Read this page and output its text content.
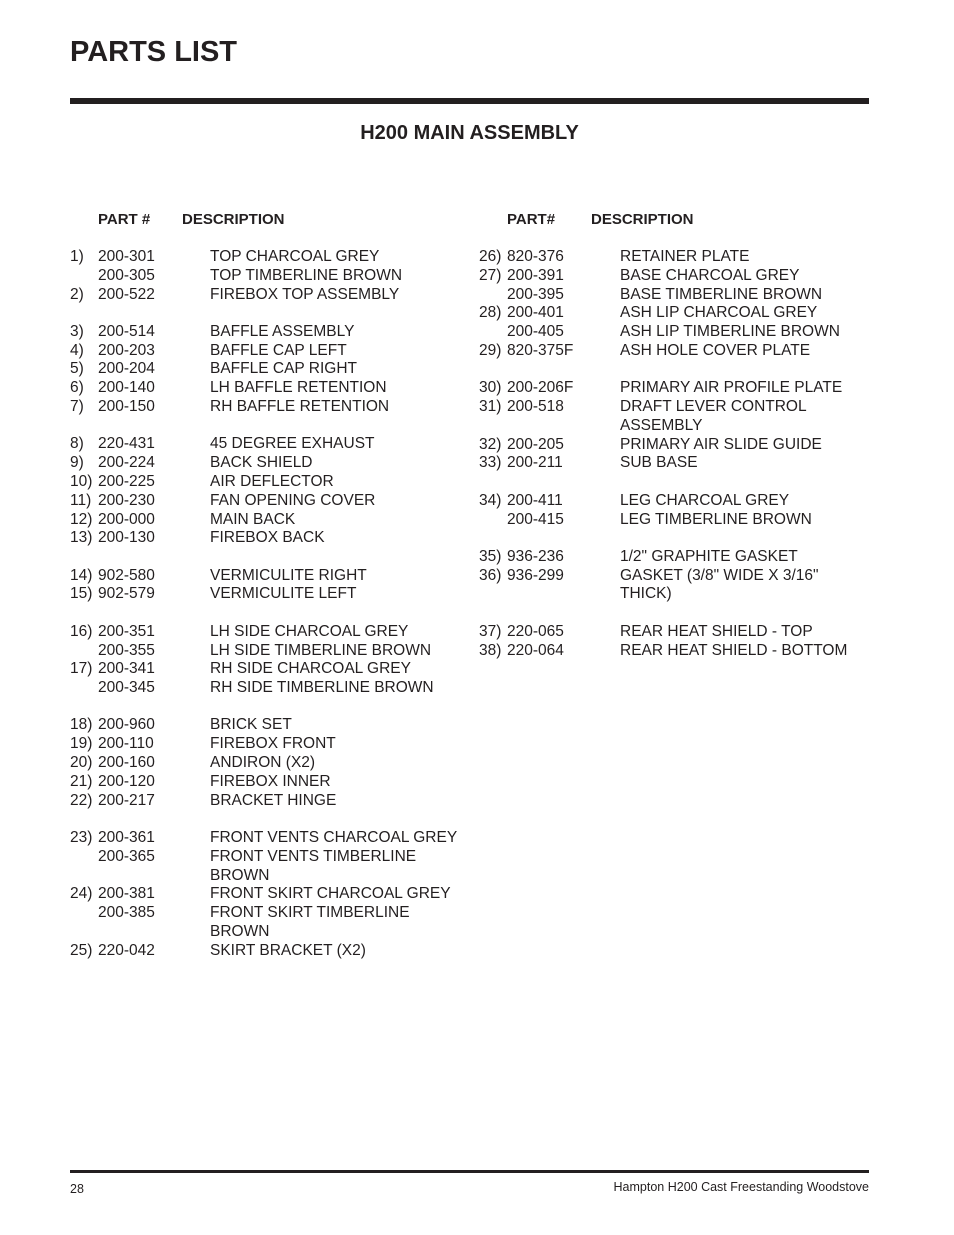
PARTS LIST
H200 MAIN ASSEMBLY
PART # DESCRIPTION	PART# DESCRIPTION
1) 200-301	TOP CHARCOAL GREY
200-305	TOP TIMBERLINE BROWN
2) 200-522	FIREBOX TOP ASSEMBLY
3) 200-514	BAFFLE ASSEMBLY
4) 200-203	BAFFLE CAP LEFT
5) 200-204	BAFFLE CAP RIGHT
6) 200-140	LH BAFFLE RETENTION
7) 200-150	RH BAFFLE RETENTION
8) 220-431	45 DEGREE EXHAUST
9) 200-224	BACK SHIELD
10) 200-225	AIR DEFLECTOR
11) 200-230	FAN OPENING COVER
12) 200-000	MAIN BACK
13) 200-130	FIREBOX BACK
14) 902-580	VERMICULITE RIGHT
15) 902-579	VERMICULITE LEFT
16) 200-351	LH SIDE CHARCOAL GREY
200-355	LH SIDE TIMBERLINE BROWN
17) 200-341	RH SIDE CHARCOAL GREY
200-345	RH SIDE TIMBERLINE BROWN
18) 200-960	BRICK SET
19) 200-110	FIREBOX FRONT
20) 200-160	ANDIRON (X2)
21) 200-120	FIREBOX INNER
22) 200-217	BRACKET HINGE
23) 200-361	FRONT VENTS CHARCOAL GREY
200-365	FRONT VENTS TIMBERLINE
BROWN
24) 200-381	FRONT SKIRT CHARCOAL GREY
200-385	FRONT SKIRT TIMBERLINE
BROWN
25) 220-042	SKIRT BRACKET (X2)
26) 820-376	RETAINER PLATE
27) 200-391	BASE CHARCOAL GREY
200-395	BASE TIMBERLINE BROWN
28) 200-401	ASH LIP CHARCOAL GREY
200-405	ASH LIP TIMBERLINE BROWN
29) 820-375F	ASH HOLE COVER PLATE
30) 200-206F	PRIMARY AIR PROFILE PLATE
31) 200-518	DRAFT LEVER CONTROL
ASSEMBLY
32) 200-205	PRIMARY AIR SLIDE GUIDE
33) 200-211	SUB BASE
34) 200-411	LEG CHARCOAL GREY
200-415	LEG TIMBERLINE BROWN
35) 936-236	1/2" GRAPHITE GASKET
36) 936-299	GASKET (3/8" WIDE X 3/16"
THICK)
37) 220-065	REAR HEAT SHIELD - TOP
38) 220-064	REAR HEAT SHIELD - BOTTOM
28	Hampton H200 Cast Freestanding Woodstove
